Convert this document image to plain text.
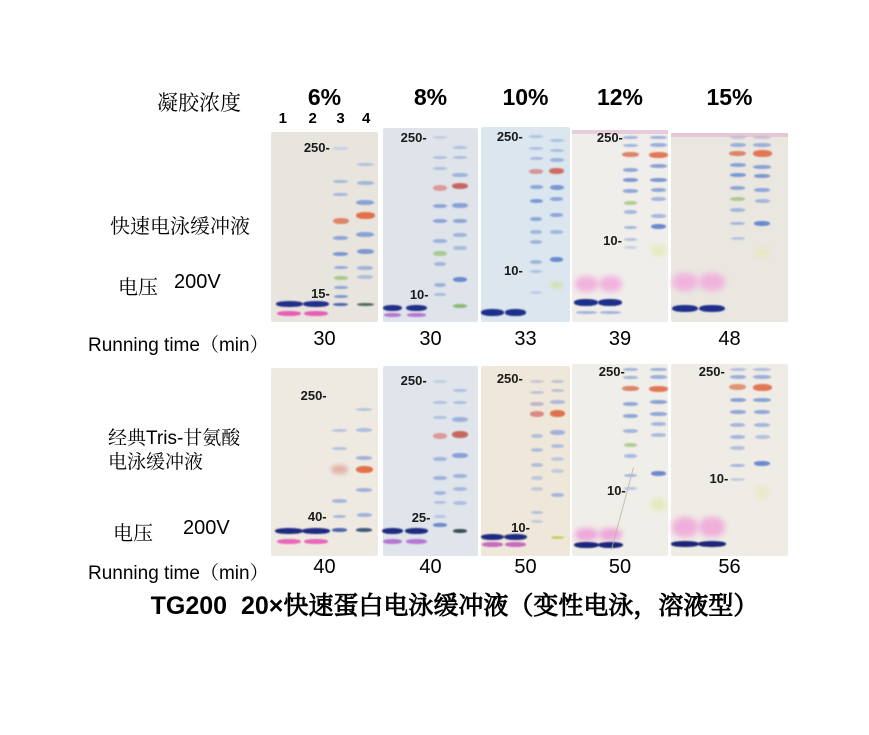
凝胶浓度
快速电泳缓冲液
电压 200V
Running time（min）
经典Tris-甘氨酸
电泳缓冲液
电压 200V
Running time（min）
TG200  20×快速蛋白电泳缓冲液（变性电泳，溶液型）
250-
15-
250-
10-
250-
10-
250-
10-
250-
40-
250-
25-
250-
10-
250-
10-
250-
10-
6%
30
40
8%
30
40
10%
33
50
12%
39
50
15%
48
56
1 2 3 4
